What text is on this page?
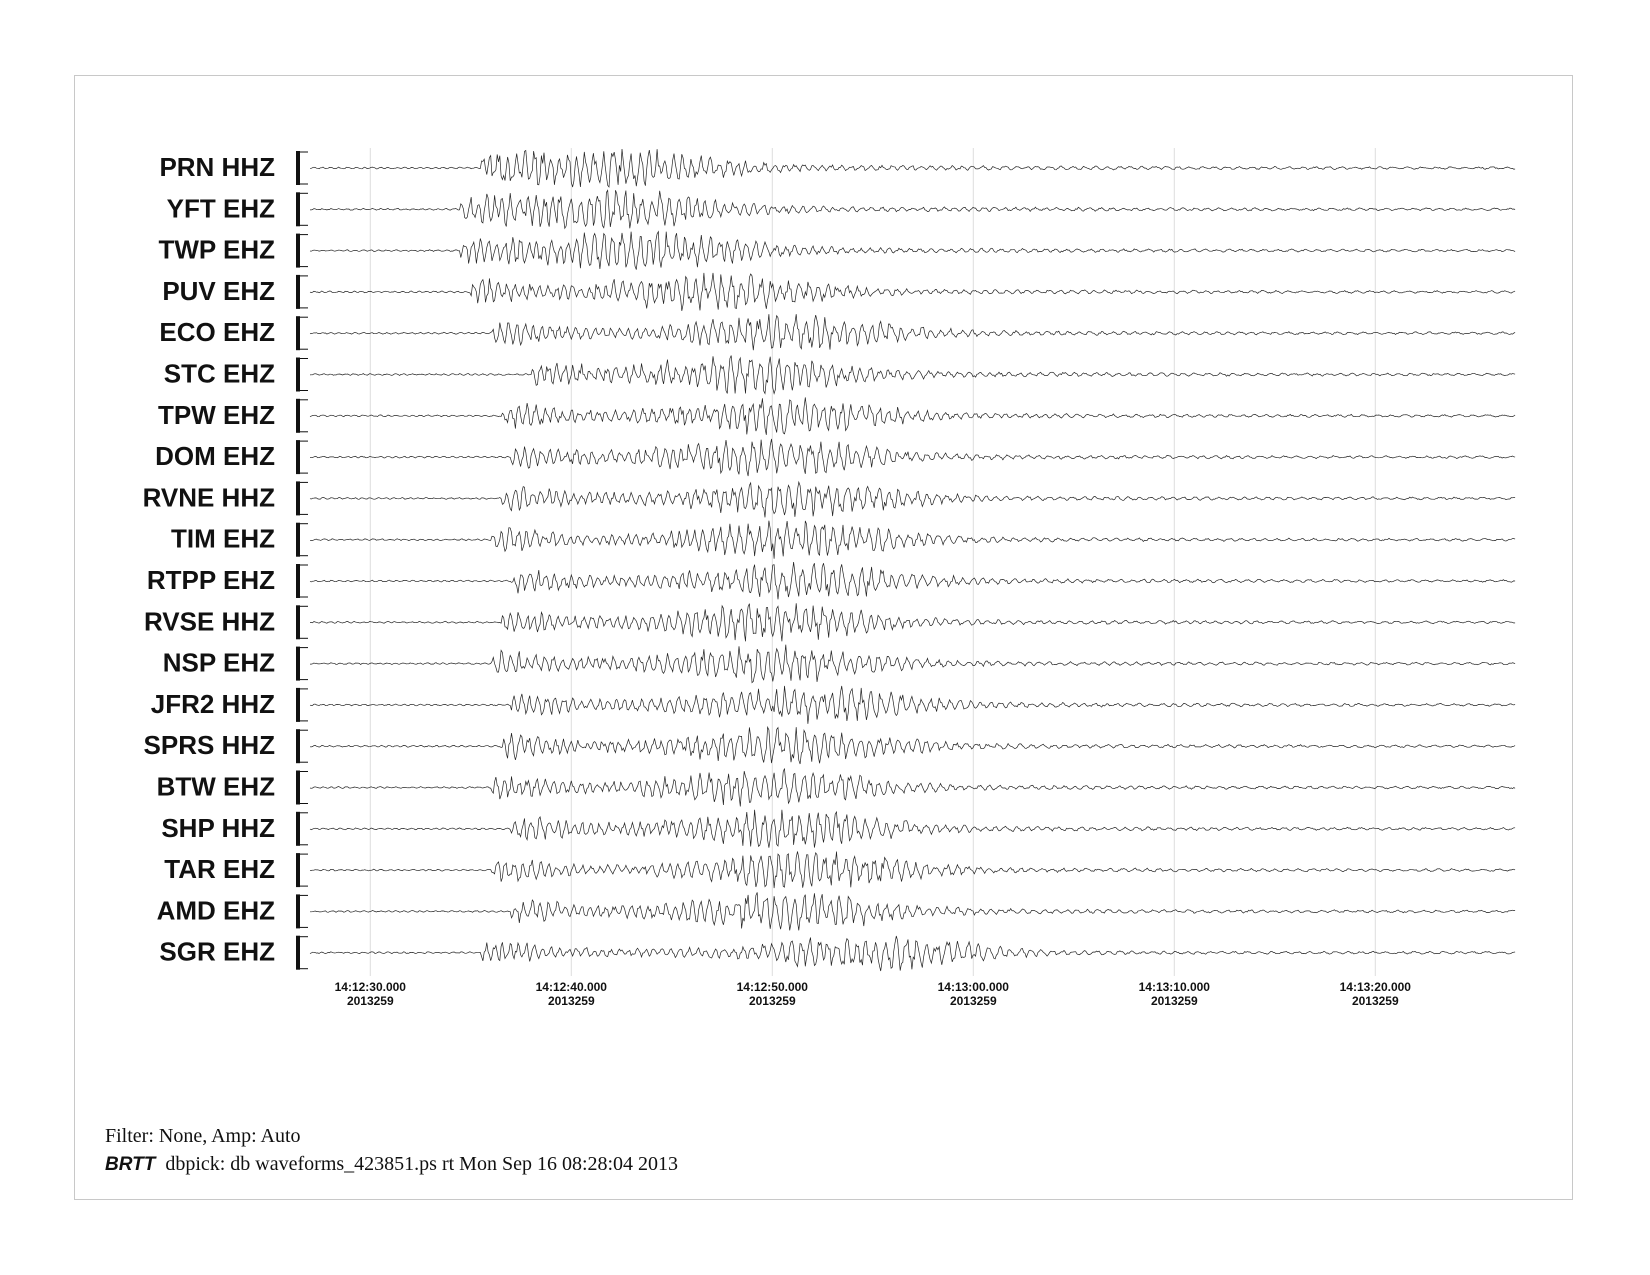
PRN HHZ
YFT EHZ
TWP EHZ
PUV EHZ
ECO EHZ
STC EHZ
TPW EHZ
DOM EHZ
RVNE HHZ
TIM EHZ
RTPP EHZ
RVSE HHZ
NSP EHZ
JFR2 HHZ
SPRS HHZ
BTW EHZ
SHP HHZ
TAR EHZ
AMD EHZ
SGR EHZ
14:12:30.000
2013259
14:12:40.000
2013259
14:12:50.000
2013259
14:13:00.000
2013259
14:13:10.000
2013259
14:13:20.000
2013259
Filter: None, Amp: Auto
BRTT dbpick: db waveforms_423851.ps rt Mon Sep 16 08:28:04 2013
